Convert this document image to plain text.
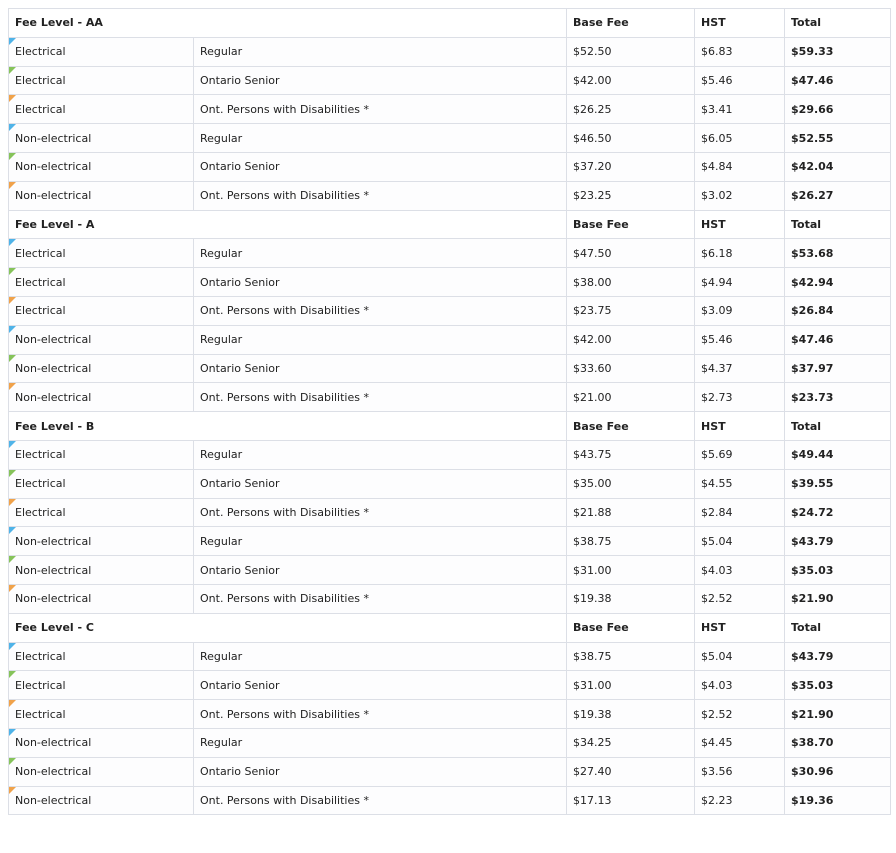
Fee Level - AA		Base Fee	HST	Total

Electrical	Regular	$52.50	$6.83	$59.33

Electrical	Ontario Senior	$42.00	$5.46	$47.46

Electrical	Ont. Persons with Disabilities *	$26.25	$3.41	$29.66

Non-electrical	Regular	$46.50	$6.05	$52.55

Non-electrical	Ontario Senior	$37.20	$4.84	$42.04

Non-electrical	Ont. Persons with Disabilities *	$23.25	$3.02	$26.27
Fee Level - A		Base Fee	HST	Total

Electrical	Regular	$47.50	$6.18	$53.68

Electrical	Ontario Senior	$38.00	$4.94	$42.94

Electrical	Ont. Persons with Disabilities *	$23.75	$3.09	$26.84

Non-electrical	Regular	$42.00	$5.46	$47.46

Non-electrical	Ontario Senior	$33.60	$4.37	$37.97

Non-electrical	Ont. Persons with Disabilities *	$21.00	$2.73	$23.73
Fee Level - B		Base Fee	HST	Total

Electrical	Regular	$43.75	$5.69	$49.44

Electrical	Ontario Senior	$35.00	$4.55	$39.55

Electrical	Ont. Persons with Disabilities *	$21.88	$2.84	$24.72

Non-electrical	Regular	$38.75	$5.04	$43.79

Non-electrical	Ontario Senior	$31.00	$4.03	$35.03

Non-electrical	Ont. Persons with Disabilities *	$19.38	$2.52	$21.90
Fee Level - C		Base Fee	HST	Total

Electrical	Regular	$38.75	$5.04	$43.79

Electrical	Ontario Senior	$31.00	$4.03	$35.03

Electrical	Ont. Persons with Disabilities *	$19.38	$2.52	$21.90

Non-electrical	Regular	$34.25	$4.45	$38.70

Non-electrical	Ontario Senior	$27.40	$3.56	$30.96

Non-electrical	Ont. Persons with Disabilities *	$17.13	$2.23	$19.36
